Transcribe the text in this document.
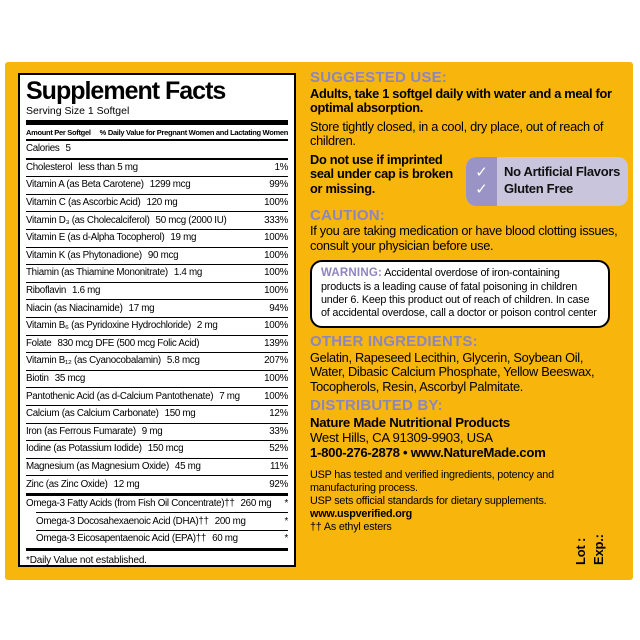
Supplement Facts
Serving Size 1 Softgel
Amount Per Softgel % Daily Value for Pregnant Women and Lactating Women
Calories 5
Cholesterol less than 5 mg	1%
Vitamin A (as Beta Carotene) 1299 mcg	99%
Vitamin C (as Ascorbic Acid) 120 mg	100%
Vitamin D₃ (as Cholecalciferol) 50 mcg (2000 IU)	333%
Vitamin E (as d-Alpha Tocopherol) 19 mg	100%
Vitamin K (as Phytonadione) 90 mcg	100%
Thiamin (as Thiamine Mononitrate) 1.4 mg	100%
Riboflavin 1.6 mg	100%
Niacin (as Niacinamide) 17 mg	94%
Vitamin B₆ (as Pyridoxine Hydrochloride) 2 mg	100%
Folate 830 mcg DFE (500 mcg Folic Acid)	139%
Vitamin B₁₂ (as Cyanocobalamin) 5.8 mcg	207%
Biotin 35 mcg	100%
Pantothenic Acid (as d-Calcium Pantothenate) 7 mg	100%
Calcium (as Calcium Carbonate) 150 mg	12%
Iron (as Ferrous Fumarate) 9 mg	33%
Iodine (as Potassium Iodide) 150 mcg	52%
Magnesium (as Magnesium Oxide) 45 mg	11%
Zinc (as Zinc Oxide) 12 mg	92%
Omega-3 Fatty Acids (from Fish Oil Concentrate)†† 260 mg	*
Omega-3 Docosahexaenoic Acid (DHA)†† 200 mg	*
Omega-3 Eicosapentaenoic Acid (EPA)†† 60 mg	*
*Daily Value not established.
SUGGESTED USE:

Adults, take 1 softgel daily with water and a meal for optimal absorption.

Store tightly closed, in a cool, dry place, out of reach of children.

Do not use if imprinted seal under cap is broken or missing.
✓
✓
No Artificial Flavors
Gluten Free
CAUTION:

If you are taking medication or have blood clotting issues, consult your physician before use.

WARNING: Accidental overdose of iron-containing products is a leading cause of fatal poisoning in children under 6. Keep this product out of reach of children. In case of accidental overdose, call a doctor or poison control center
OTHER INGREDIENTS:

Gelatin, Rapeseed Lecithin, Glycerin, Soybean Oil, Water, Dibasic Calcium Phosphate, Yellow Beeswax, Tocopherols, Resin, Ascorbyl Palmitate.

DISTRIBUTED BY:

Nature Made Nutritional Products

West Hills, CA 91309-9903, USA

1-800-276-2878 • www.NatureMade.com

USP has tested and verified ingredients, potency and manufacturing process.
USP sets official standards for dietary supplements.
www.uspverified.org
†† As ethyl esters
Lot : Exp.:
